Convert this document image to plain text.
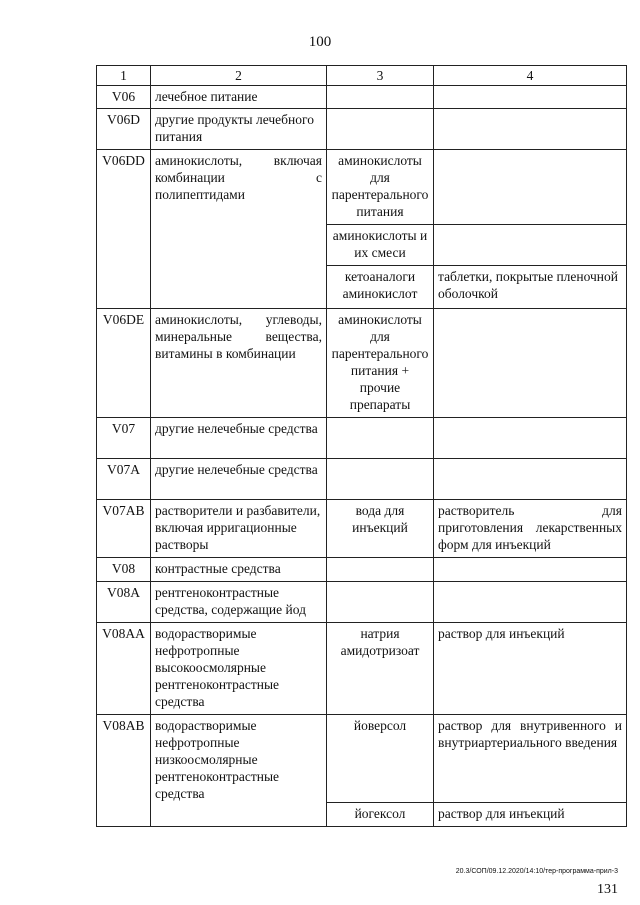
100
1	2	3	4
V06	лечебное питание		
V06D	другие продукты лечебного питания		
V06DD	аминокислоты, включая комбинации с полипептидами	аминокислоты для парентерального питания	
		аминокислоты и их смеси	
		кетоаналоги аминокислот	таблетки, покрытые пленочной оболочкой
V06DE	аминокислоты, углеводы, минеральные вещества, витамины в комбинации	аминокислоты для парентерального питания + прочие препараты	
V07	другие нелечебные средства		
V07A	другие нелечебные средства		
V07AB	растворители и разбавители, включая ирригационные растворы	вода для инъекций	растворитель для приготовления лекарственных форм для инъекций
V08	контрастные средства		
V08A	рентгеноконтрастные средства, содержащие йод		
V08AA	водорастворимые нефротропные высокоосмолярные рентгеноконтрастные средства	натрия амидотризоат	раствор для инъекций
V08AB	водорастворимые нефротропные низкоосмолярные рентгеноконтрастные средства	йоверсол	раствор для внутривенного и внутриартериального введения
		йогексол	раствор для инъекций
20.3/СОП/09.12.2020/14:10/тер-программа-прил-3
131
